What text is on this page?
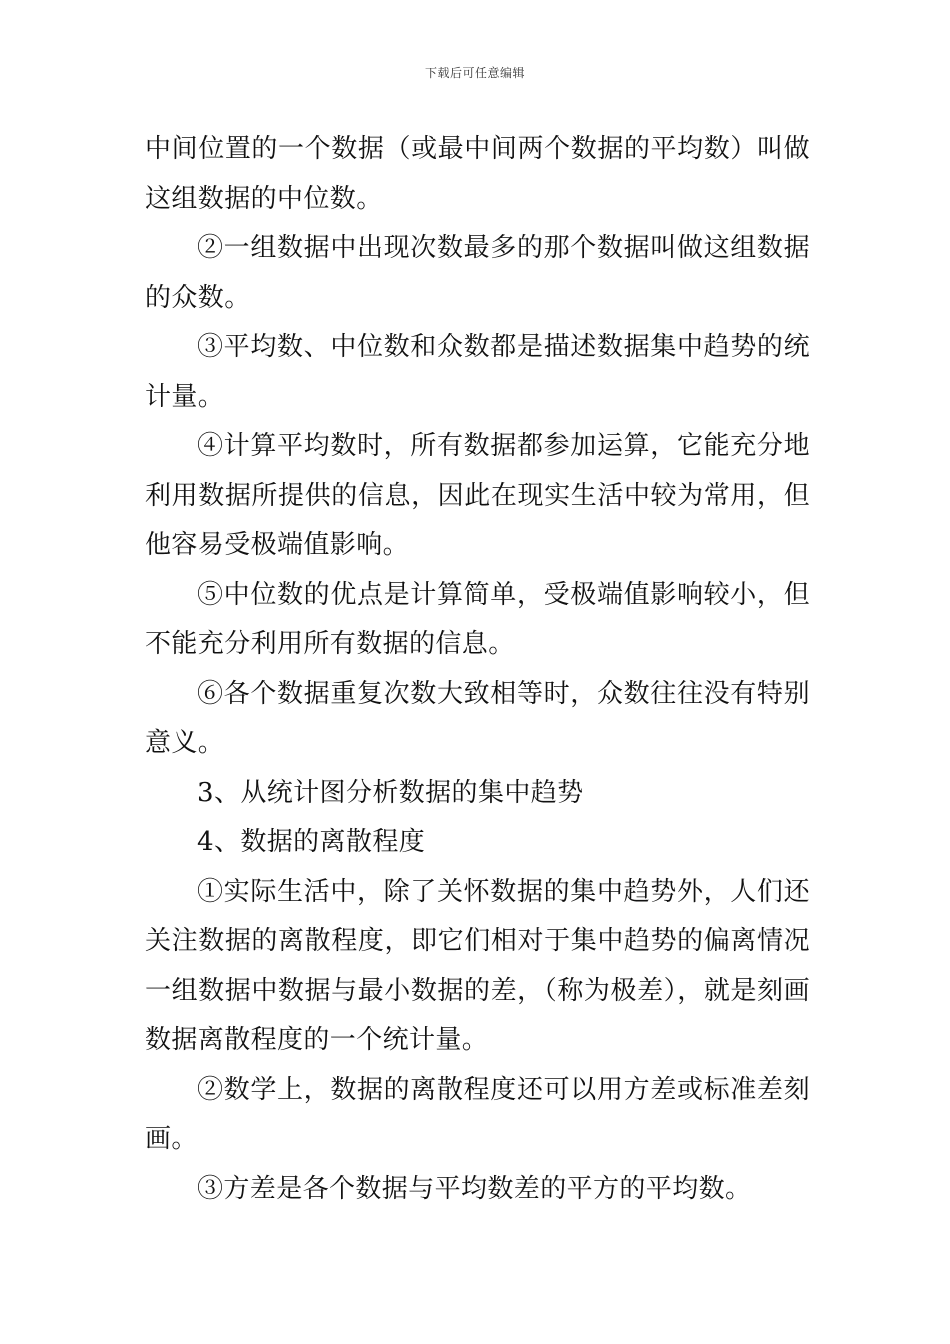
下载后可任意编辑

中间位置的一个数据（或最中间两个数据的平均数）叫做这组数据的中位数。

②一组数据中出现次数最多的那个数据叫做这组数据的众数。

③平均数、中位数和众数都是描述数据集中趋势的统计量。

④计算平均数时，所有数据都参加运算，它能充分地利用数据所提供的信息，因此在现实生活中较为常用，但他容易受极端值影响。

⑤中位数的优点是计算简单，受极端值影响较小，但不能充分利用所有数据的信息。

⑥各个数据重复次数大致相等时，众数往往没有特别意义。

3、从统计图分析数据的集中趋势

4、数据的离散程度

①实际生活中，除了关怀数据的集中趋势外，人们还关注数据的离散程度，即它们相对于集中趋势的偏离情况一组数据中数据与最小数据的差，（称为极差），就是刻画数据离散程度的一个统计量。

②数学上，数据的离散程度还可以用方差或标准差刻画。

③方差是各个数据与平均数差的平方的平均数。
